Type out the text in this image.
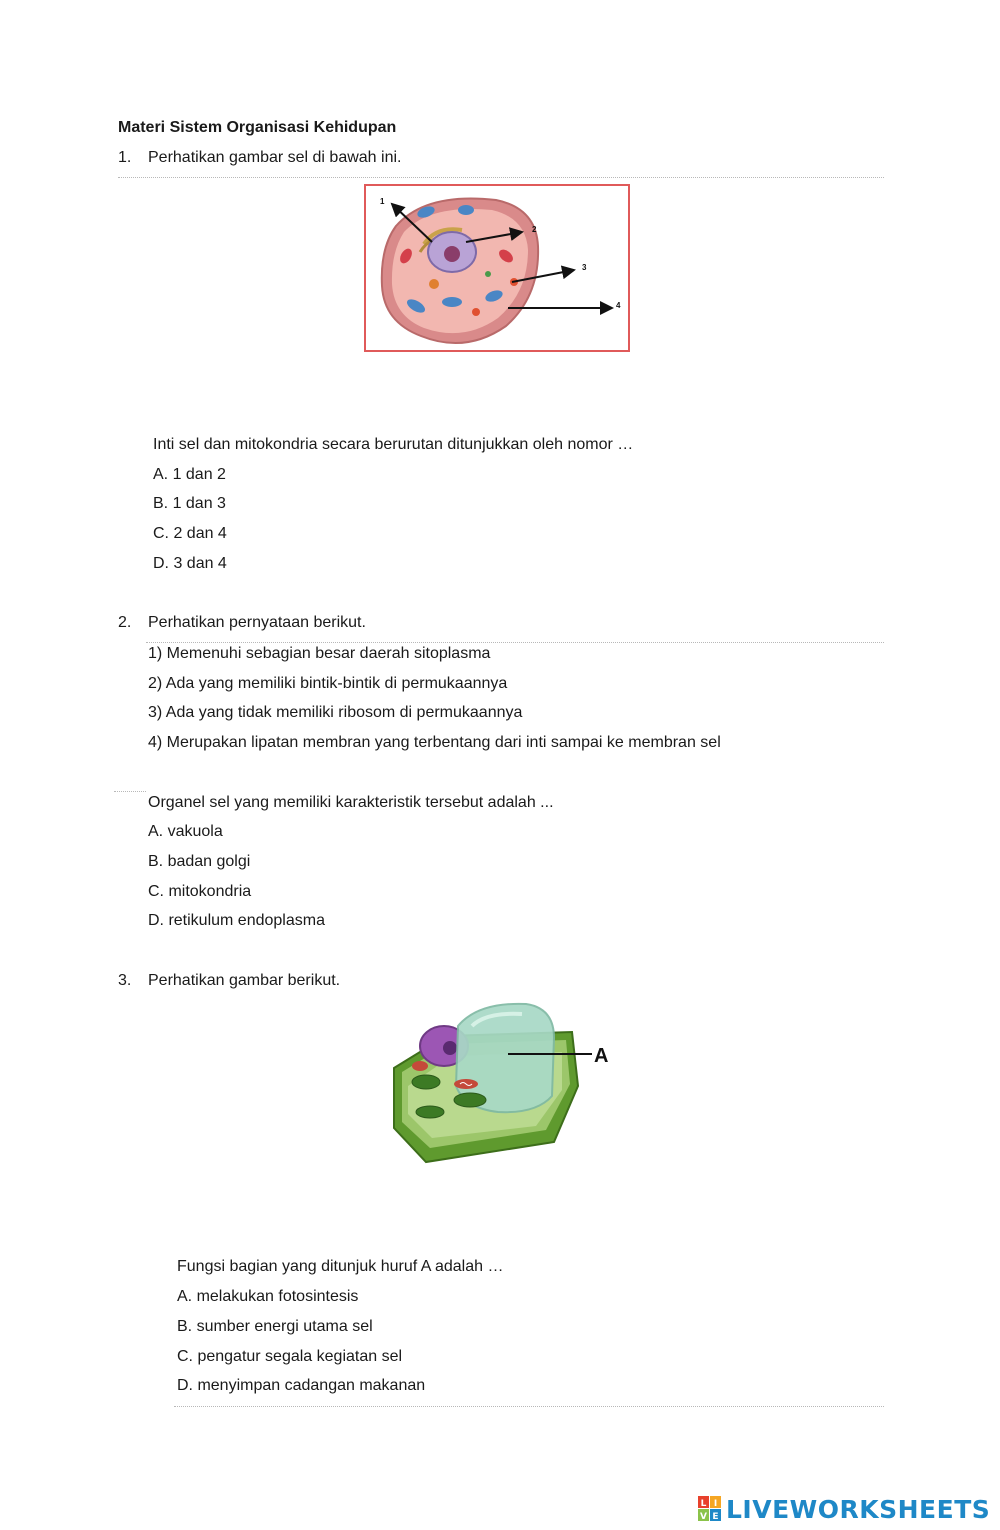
Materi Sistem Organisasi Kehidupan
1. Perhatikan gambar sel di bawah ini.
1
2
3
4
Inti sel dan mitokondria secara berurutan ditunjukkan oleh nomor …
A. 1 dan 2
B. 1 dan 3
C. 2 dan 4
D. 3 dan 4
2. Perhatikan pernyataan berikut.
1) Memenuhi sebagian besar daerah sitoplasma
2) Ada yang memiliki bintik-bintik di permukaannya
3) Ada yang tidak memiliki ribosom di permukaannya
4) Merupakan lipatan membran yang terbentang dari inti sampai ke membran sel
Organel sel yang memiliki karakteristik tersebut adalah ...
A. vakuola
B. badan golgi
C. mitokondria
D. retikulum endoplasma
3. Perhatikan gambar berikut.
A
Fungsi bagian yang ditunjuk huruf A adalah …
A. melakukan fotosintesis
B. sumber energi utama sel
C. pengatur segala kegiatan sel
D. menyimpan cadangan makanan
L I
V E LIVEWORKSHEETS
